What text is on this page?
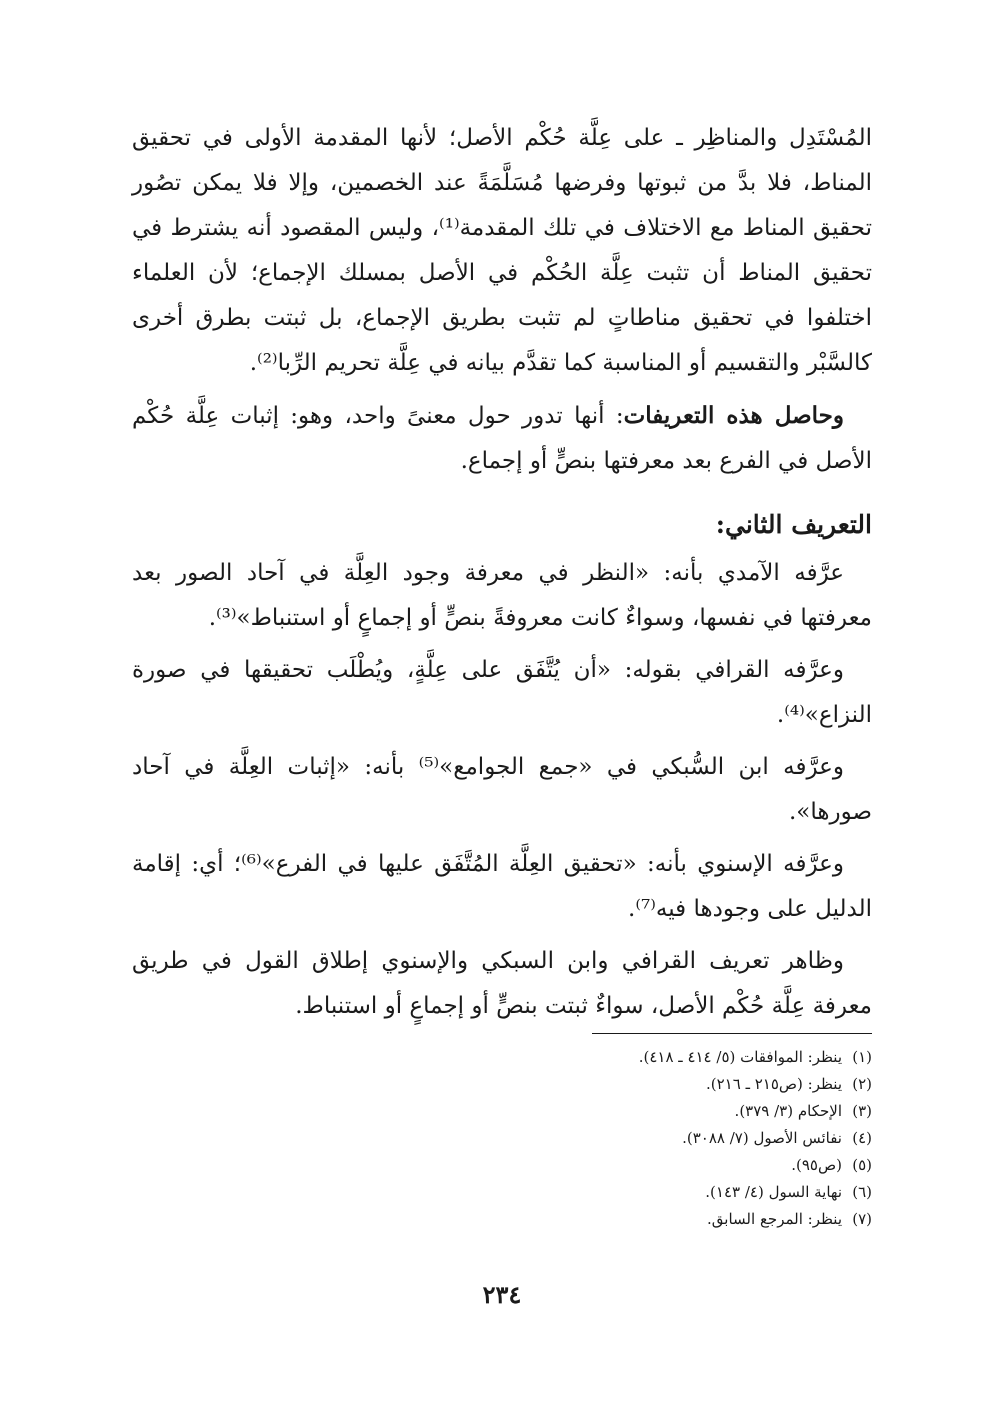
المُسْتَدِل والمناظِر ـ على عِلَّة حُكْم الأصل؛ لأنها المقدمة الأولى في تحقيق المناط، فلا بدَّ من ثبوتها وفرضها مُسَلَّمَةً عند الخصمين، وإلا فلا يمكن تصُور تحقيق المناط مع الاختلاف في تلك المقدمة⁽¹⁾، وليس المقصود أنه يشترط في تحقيق المناط أن تثبت عِلَّة الحُكْم في الأصل بمسلك الإجماع؛ لأن العلماء اختلفوا في تحقيق مناطاتٍ لم تثبت بطريق الإجماع، بل ثبتت بطرق أخرى كالسَّبْر والتقسيم أو المناسبة كما تقدَّم بيانه في عِلَّة تحريم الرِّبا⁽²⁾.

وحاصل هذه التعريفات: أنها تدور حول معنىً واحد، وهو: إثبات عِلَّة حُكْم الأصل في الفرع بعد معرفتها بنصٍّ أو إجماع.

التعريف الثاني:

عرَّفه الآمدي بأنه: «النظر في معرفة وجود العِلَّة في آحاد الصور بعد معرفتها في نفسها، وسواءٌ كانت معروفةً بنصٍّ أو إجماعٍ أو استنباط»⁽³⁾.

وعرَّفه القرافي بقوله: «أن يُتَّفَق على عِلَّةٍ، ويُطْلَب تحقيقها في صورة النزاع»⁽⁴⁾.

وعرَّفه ابن السُّبكي في «جمع الجوامع»⁽⁵⁾ بأنه: «إثبات العِلَّة في آحاد صورها».

وعرَّفه الإسنوي بأنه: «تحقيق العِلَّة المُتَّفَق عليها في الفرع»⁽⁶⁾؛ أي: إقامة الدليل على وجودها فيه⁽⁷⁾.

وظاهر تعريف القرافي وابن السبكي والإسنوي إطلاق القول في طريق معرفة عِلَّة حُكْم الأصل، سواءٌ ثبتت بنصٍّ أو إجماعٍ أو استنباط.

(١)
ينظر: الموافقات (٥/ ٤١٤ ـ ٤١٨).
(٢)
ينظر: (ص٢١٥ ـ ٢١٦).
(٣)
الإحكام (٣/ ٣٧٩).
(٤)
نفائس الأصول (٧/ ٣٠٨٨).
(٥)
(ص٩٥).
(٦)
نهاية السول (٤/ ١٤٣).
(٧)
ينظر: المرجع السابق.
٢٣٤
